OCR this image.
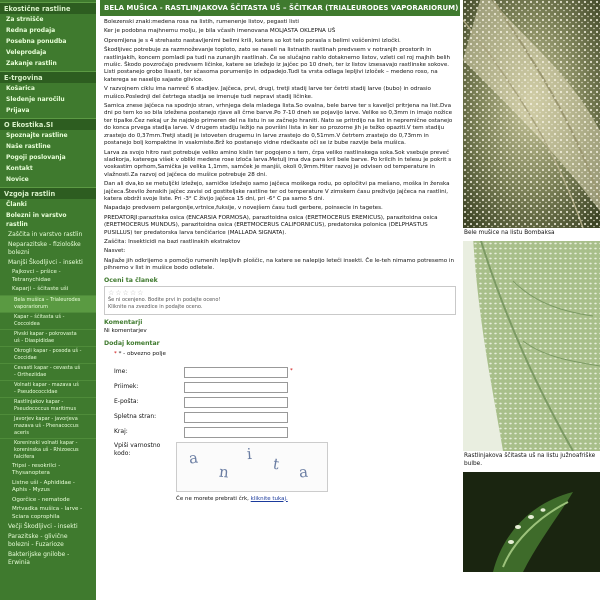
Ekostične rastline
Za strnišče
Redna prodaja
Posebna ponudba
Veleprodaja
Zakanje rastlin
E-trgovina
Košarica
Sledenje naročilu
Prijava
O Ekostika.SI
Spoznajte rastline
Naše rastline
Pogoji poslovanja
Kontakt
Novice
Vzgoja rastlin
Članki
Bolezni in varstvo rastlin
Zaščita in varstvo rastlin
Neparazitske - fiziološke bolezni
Manjši Škodljivci - insekti
Pajkovci – pršice - Tetranychidae
Kaparji – ščitaste uši
Bela mušica – Trialeurodes vaporariorum
Kapar – ščitasta uš - Coccoidea
Pivski kapar - pokrovasta uš - Diaspididae
Okrogli kapar - posoda uš - Coccidae
Cevasti kapar - cevasta uš - Ortheziidae
Volnati kapar - mazava uš - Pseudococcidae
Rastlinjakov kapar - Pseudococcus maritimus
Javorjev kapar - javorjeva mazava uš - Phenacoccus aceris
Koreninski volnati kapar - koreninska uš - Rhizoecus falcifera
Tripsi - resokrilci - Thysanoptera
Listne uši - Aphididae - Aphis - Myzus
Ogorčice - nematode
Mrtvadka mušica - larve - Sciara coprophila
Večji Škodljivci - insekti
Parazitske - glivične bolezni - Fuzarioze
Bakterijske gnilobe - Erwinia
BELA MUŠICA - RASTLINJAKOVA ŠČITASTA UŠ – ŠČITKAR (TRIALEURODES VAPORARIORUM)

Bolezenski znaki:medena rosa na listih, rumenenje listov, pegasti listi

Ker je podobna majhnemu molju, je bila včasih imenovana MOLJASTA OKLEPNA UŠ

Opremljena je s 4 strehasto nastavljenimi belimi krili, katera so kot telo porasla s belimi voščenimi izločki.

Škodljivec potrebuje za razmnoževanje toploto, zato se naseli na listnatih rastlinah predvsem v notranjih prostorih in rastlinjakih, koncem pomladi pa tudi na zunanjih rastlinah. Če se slučajno rahlo dotaknemo listov, vzleti cel roj majhih belih mušic. Škodo povzročajo predvsem ličinke, katere se izležejo iz jajčec po 10 dneh, ter iz listov izsesavajo rastlinske sokove. Listi postanejo grobo lisasti, ter sčasoma porumenijo in odpadejo.Tudi ta vrsta odlaga lepljivi izloček – medeno roso, na katerega se naselijo sajaste glivice.

V razvojnem ciklu ima namreč 6 stadijev. Jajčeca, prvi, drugi, tretji stadij larve ter četrti stadij larve (bubo) in odrasio mušico.Poslednji del četrtega stadija se imenuje tudi nepravi stadij ličinke.

Samica znese jajčeca na spodnjo stran, vrhnjega dela mladega lista.So ovalna, bele barve ter s kavelјci pritrjena na list.Dva dni po tem ko so bila izležena postanejo rjave ali črne barve.Po 7-10 dneh se pojavijo larve. Velike so 0,3mm in imajo nožice ter tipalke.Čez nekaj ur že najdejo primeren del na listu in se začnejo hraniti. Nato se pritrdijo na list in nepremične ostanejo do konca prvega stadija larve. V drugem stadiju ležijo na površini lista in ker so prozorne jih je težko opaziti.V tem stadiju zrastejo do 0,37mm.Tretji stadij je istoveten drugemu in larve zrastejo do 0,51mm.V četrtem zrastejo do 0,73mm in postanejo bolj kompaktne in vsakmiste.Brž ko postanejo vidne rdečkaste oči se iz bube razvije bela mušica.

Larva za svojo hitro rast potrebuje veliko amino kislin ter pogojeno s tem, črpa veliko rastlinskega soka.Sok vsebuje preveč sladkorja, katerega višek v obliki medene rose izloča larva.Metulj ima dva para kril bele barve. Po krilcih in telesu je pokrit s voskastim oprhom,Samička je velika 1,1mm, samček je manjši, okoli 0,9mm.Hiter razvoj je odvisen od temperature in vlažnosti.Za razvoj od jajčeca do mušice potrebuje 28 dni.

Dan ali dva,ko se metuljčki izležejo, samičke izležejo samo jajčeca moškega rodu, po opločitvi pa mešano, moška in ženska jajčeca.Število ženskih jajčec zavisi od gostiteljske rastline ter od temperature V zimskem času preživijo jajčeca na rastlini, katera obdrži svoje liste. Pri -3° C živijo jajčeca 15 dni, pri -6° C pa samo 5 dni.

Napadajo predvsem pelargonije,vrtnice,fuksije, v novejšem času tudi gerbere, poinsecie in tagetes.

PREDATORJI:parazitska osica (ENCARSIA FORMOSA), parazitoidna osica (ERETMOCERUS EREMICUS), parazitoidna osica (ERETMOCERUS MUNDUS), parazitoidna osica (ERETMOCERUS CALIFORNICUS), predatorska polonica (DELPHASTUS PUSILLUS) ter predatorska larva tenčičarice (MALLADA SIGNATA).

Zaščita: Insekticidi na bazi rastlinskih ekstraktov

Nasvet:

Najlaže jih odkrijemo s pomočjo rumenih lepljivih ploščic, na katere se nalepijo leteči insekti. Če le-teh nimamo potresemo in pihnemo v list in mušice bodo odletele.

Oceni ta članek
☆☆☆☆☆
Še ni ocenjeno. Bodite prvi in podajte oceno!
Kliknite na zvezdice in podajte oceno.
Komentarji
Ni komentarjev
Dodaj komentar
* * - obvezno polje
Ime:	*
Priimek:
E-pošta:
Spletna stran:
Kraj:
Vpiši varnostno kodo:	a
n
i
t a
Če ne morete prebrati črk, kliknite tukaj.
Bele mušice na listu Bombaksa
Rastlinjakova ščitasta uš na listu južnoafriške bulbe.
